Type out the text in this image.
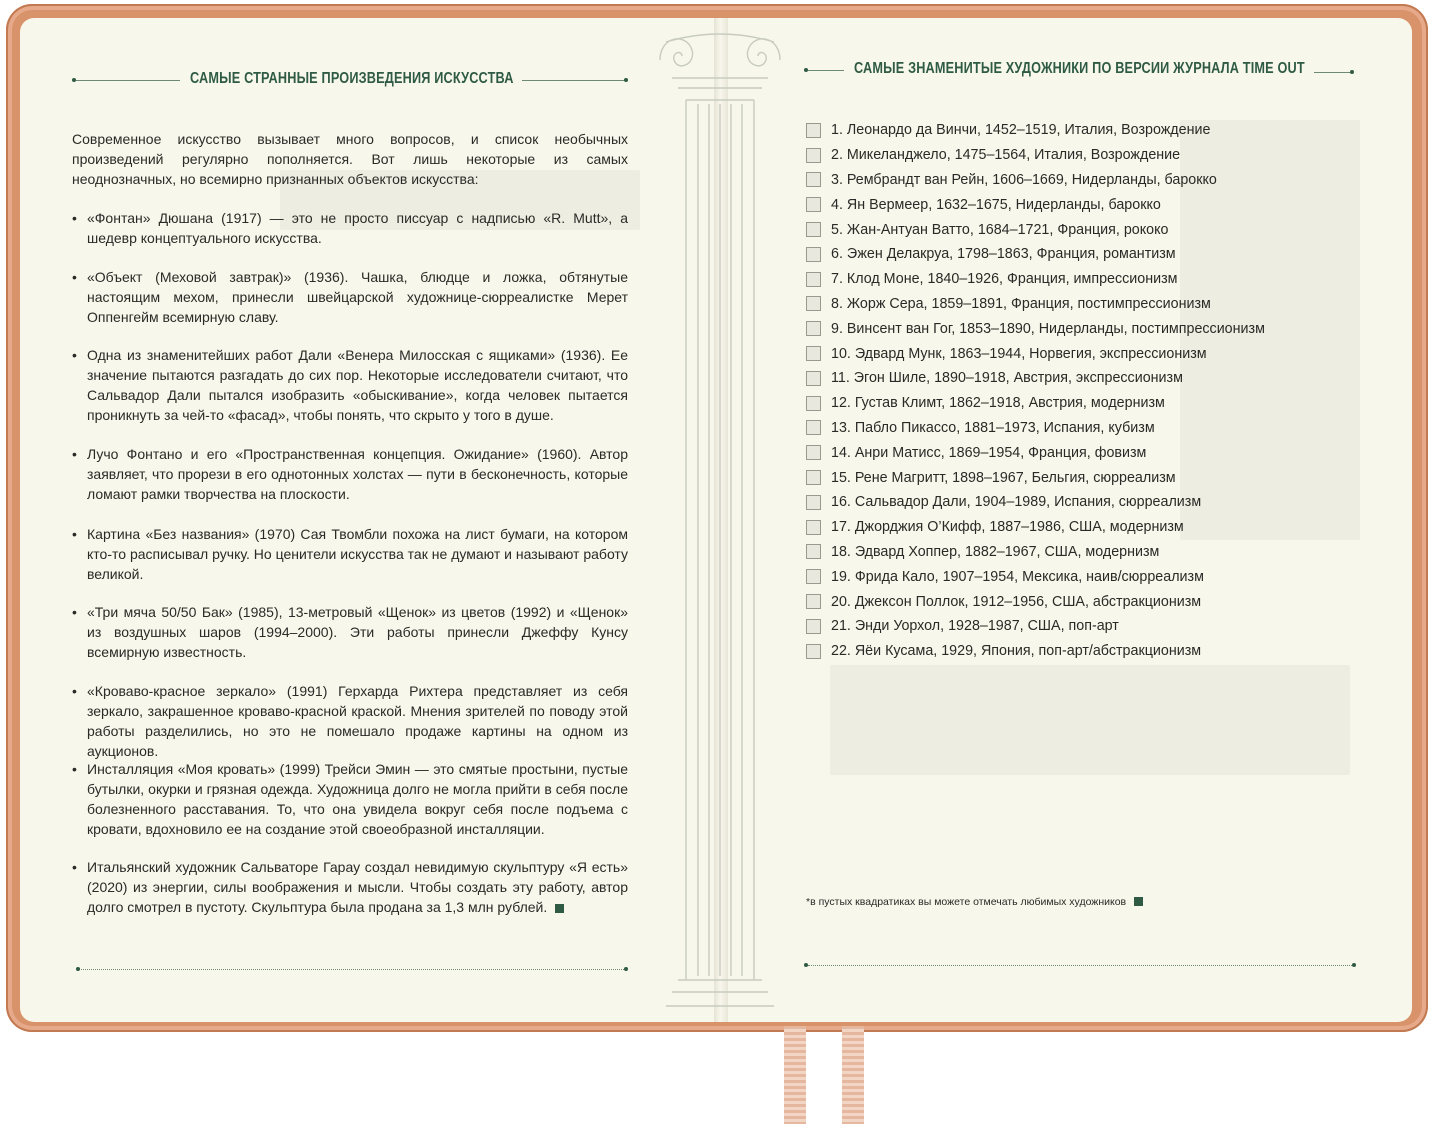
САМЫЕ СТРАННЫЕ ПРОИЗВЕДЕНИЯ ИСКУССТВА
Современное искусство вызывает много вопросов, и список необычных произведений регулярно пополняется. Вот лишь некоторые из самых неоднозначных, но всемирно признанных объектов искусства:
• «Фонтан» Дюшана (1917) — это не просто писсуар с надписью «R. Mutt», а шедевр концептуального искусства.
• «Объект (Меховой завтрак)» (1936). Чашка, блюдце и ложка, обтянутые настоящим мехом, принесли швейцарской художнице-сюрреалистке Мерет Оппенгейм всемирную славу.
• Одна из знаменитейших работ Дали «Венера Милосская с ящиками» (1936). Ее значение пытаются разгадать до сих пор. Некоторые исследователи считают, что Сальвадор Дали пытался изобразить «обыскивание», когда человек пытается проникнуть за чей-то «фасад», чтобы понять, что скрыто у того в душе.
• Лучо Фонтано и его «Пространственная концепция. Ожидание» (1960). Автор заявляет, что прорези в его однотонных холстах — пути в бесконечность, которые ломают рамки творчества на плоскости.
• Картина «Без названия» (1970) Сая Твомбли похожа на лист бумаги, на котором кто-то расписывал ручку. Но ценители искусства так не думают и называют работу великой.
• «Три мяча 50/50 Бак» (1985), 13-метровый «Щенок» из цветов (1992) и «Щенок» из воздушных шаров (1994–2000). Эти работы принесли Джеффу Кунсу всемирную известность.
• «Кроваво-красное зеркало» (1991) Герхарда Рихтера представляет из себя зеркало, закрашенное кроваво-красной краской. Мнения зрителей по поводу этой работы разделились, но это не помешало продаже картины на одном из аукционов.
• Инсталляция «Моя кровать» (1999) Трейси Эмин — это смятые простыни, пустые бутылки, окурки и грязная одежда. Художница долго не могла прийти в себя после болезненного расставания. То, что она увидела вокруг себя после подъема с кровати, вдохновило ее на создание этой своеобразной инсталляции.
• Итальянский художник Сальваторе Гарау создал невидимую скульптуру «Я есть» (2020) из энергии, силы воображения и мысли. Чтобы создать эту работу, автор долго смотрел в пустоту. Скульптура была продана за 1,3 млн рублей.
САМЫЕ ЗНАМЕНИТЫЕ ХУДОЖНИКИ ПО ВЕРСИИ ЖУРНАЛА TIME OUT
1. Леонардо да Винчи, 1452–1519, Италия, Возрождение
2. Микеланджело, 1475–1564, Италия, Возрождение
3. Рембрандт ван Рейн, 1606–1669, Нидерланды, барокко
4. Ян Вермеер, 1632–1675, Нидерланды, барокко
5. Жан-Антуан Ватто, 1684–1721, Франция, рококо
6. Эжен Делакруа, 1798–1863, Франция, романтизм
7. Клод Моне, 1840–1926, Франция, импрессионизм
8. Жорж Сера, 1859–1891, Франция, постимпрессионизм
9. Винсент ван Гог, 1853–1890, Нидерланды, постимпрессионизм
10. Эдвард Мунк, 1863–1944, Норвегия, экспрессионизм
11. Эгон Шиле, 1890–1918, Австрия, экспрессионизм
12. Густав Климт, 1862–1918, Австрия, модернизм
13. Пабло Пикассо, 1881–1973, Испания, кубизм
14. Анри Матисс, 1869–1954, Франция, фовизм
15. Рене Магритт, 1898–1967, Бельгия, сюрреализм
16. Сальвадор Дали, 1904–1989, Испания, сюрреализм
17. Джорджия О’Кифф, 1887–1986, США, модернизм
18. Эдвард Хоппер, 1882–1967, США, модернизм
19. Фрида Кало, 1907–1954, Мексика, наив/сюрреализм
20. Джексон Поллок, 1912–1956, США, абстракционизм
21. Энди Уорхол, 1928–1987, США, поп-арт
22. Яёи Кусама, 1929, Япония, поп-арт/абстракционизм
*в пустых квадратиках вы можете отмечать любимых художников
